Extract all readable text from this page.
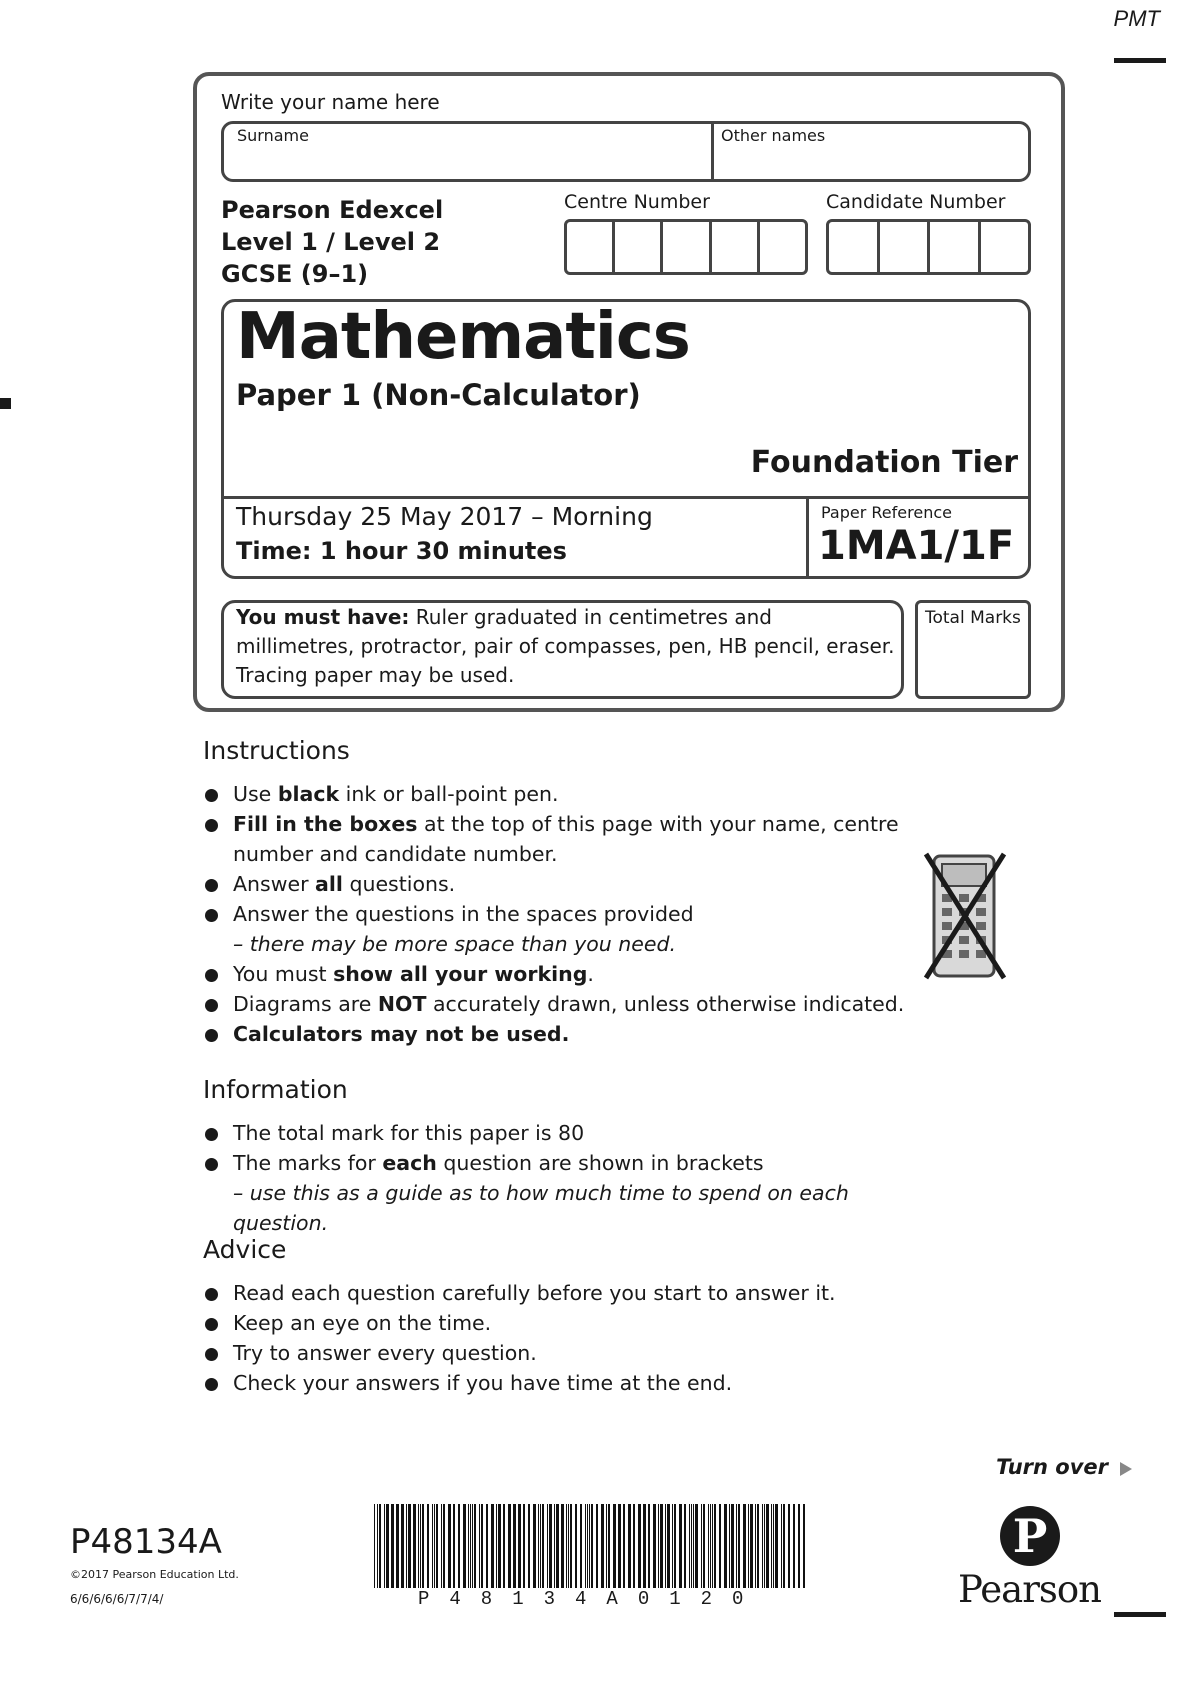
PMT
Write your name here
Surname	Other names
Pearson Edexcel
Level 1 / Level 2
GCSE (9–1)
Centre Number	Candidate Number
Mathematics
Paper 1 (Non-Calculator)
Foundation Tier
Thursday 25 May 2017 – Morning
Time: 1 hour 30 minutes
Paper Reference
1MA1/1F
You must have: Ruler graduated in centimetres and millimetres, protractor, pair of compasses, pen, HB pencil, eraser. Tracing paper may be used.
Total Marks
Instructions
Use black ink or ball-point pen.
Fill in the boxes at the top of this page with your name, centre number and candidate number.
Answer all questions.
Answer the questions in the spaces provided
– there may be more space than you need.
You must show all your working.
Diagrams are NOT accurately drawn, unless otherwise indicated.
Calculators may not be used.
Information
The total mark for this paper is 80
The marks for each question are shown in brackets
– use this as a guide as to how much time to spend on each question.
Advice
Read each question carefully before you start to answer it.
Keep an eye on the time.
Try to answer every question.
Check your answers if you have time at the end.
Turn over
P48134A
©2017 Pearson Education Ltd.
6/6/6/6/6/7/7/4/	P48134A0120
P
Pearson
